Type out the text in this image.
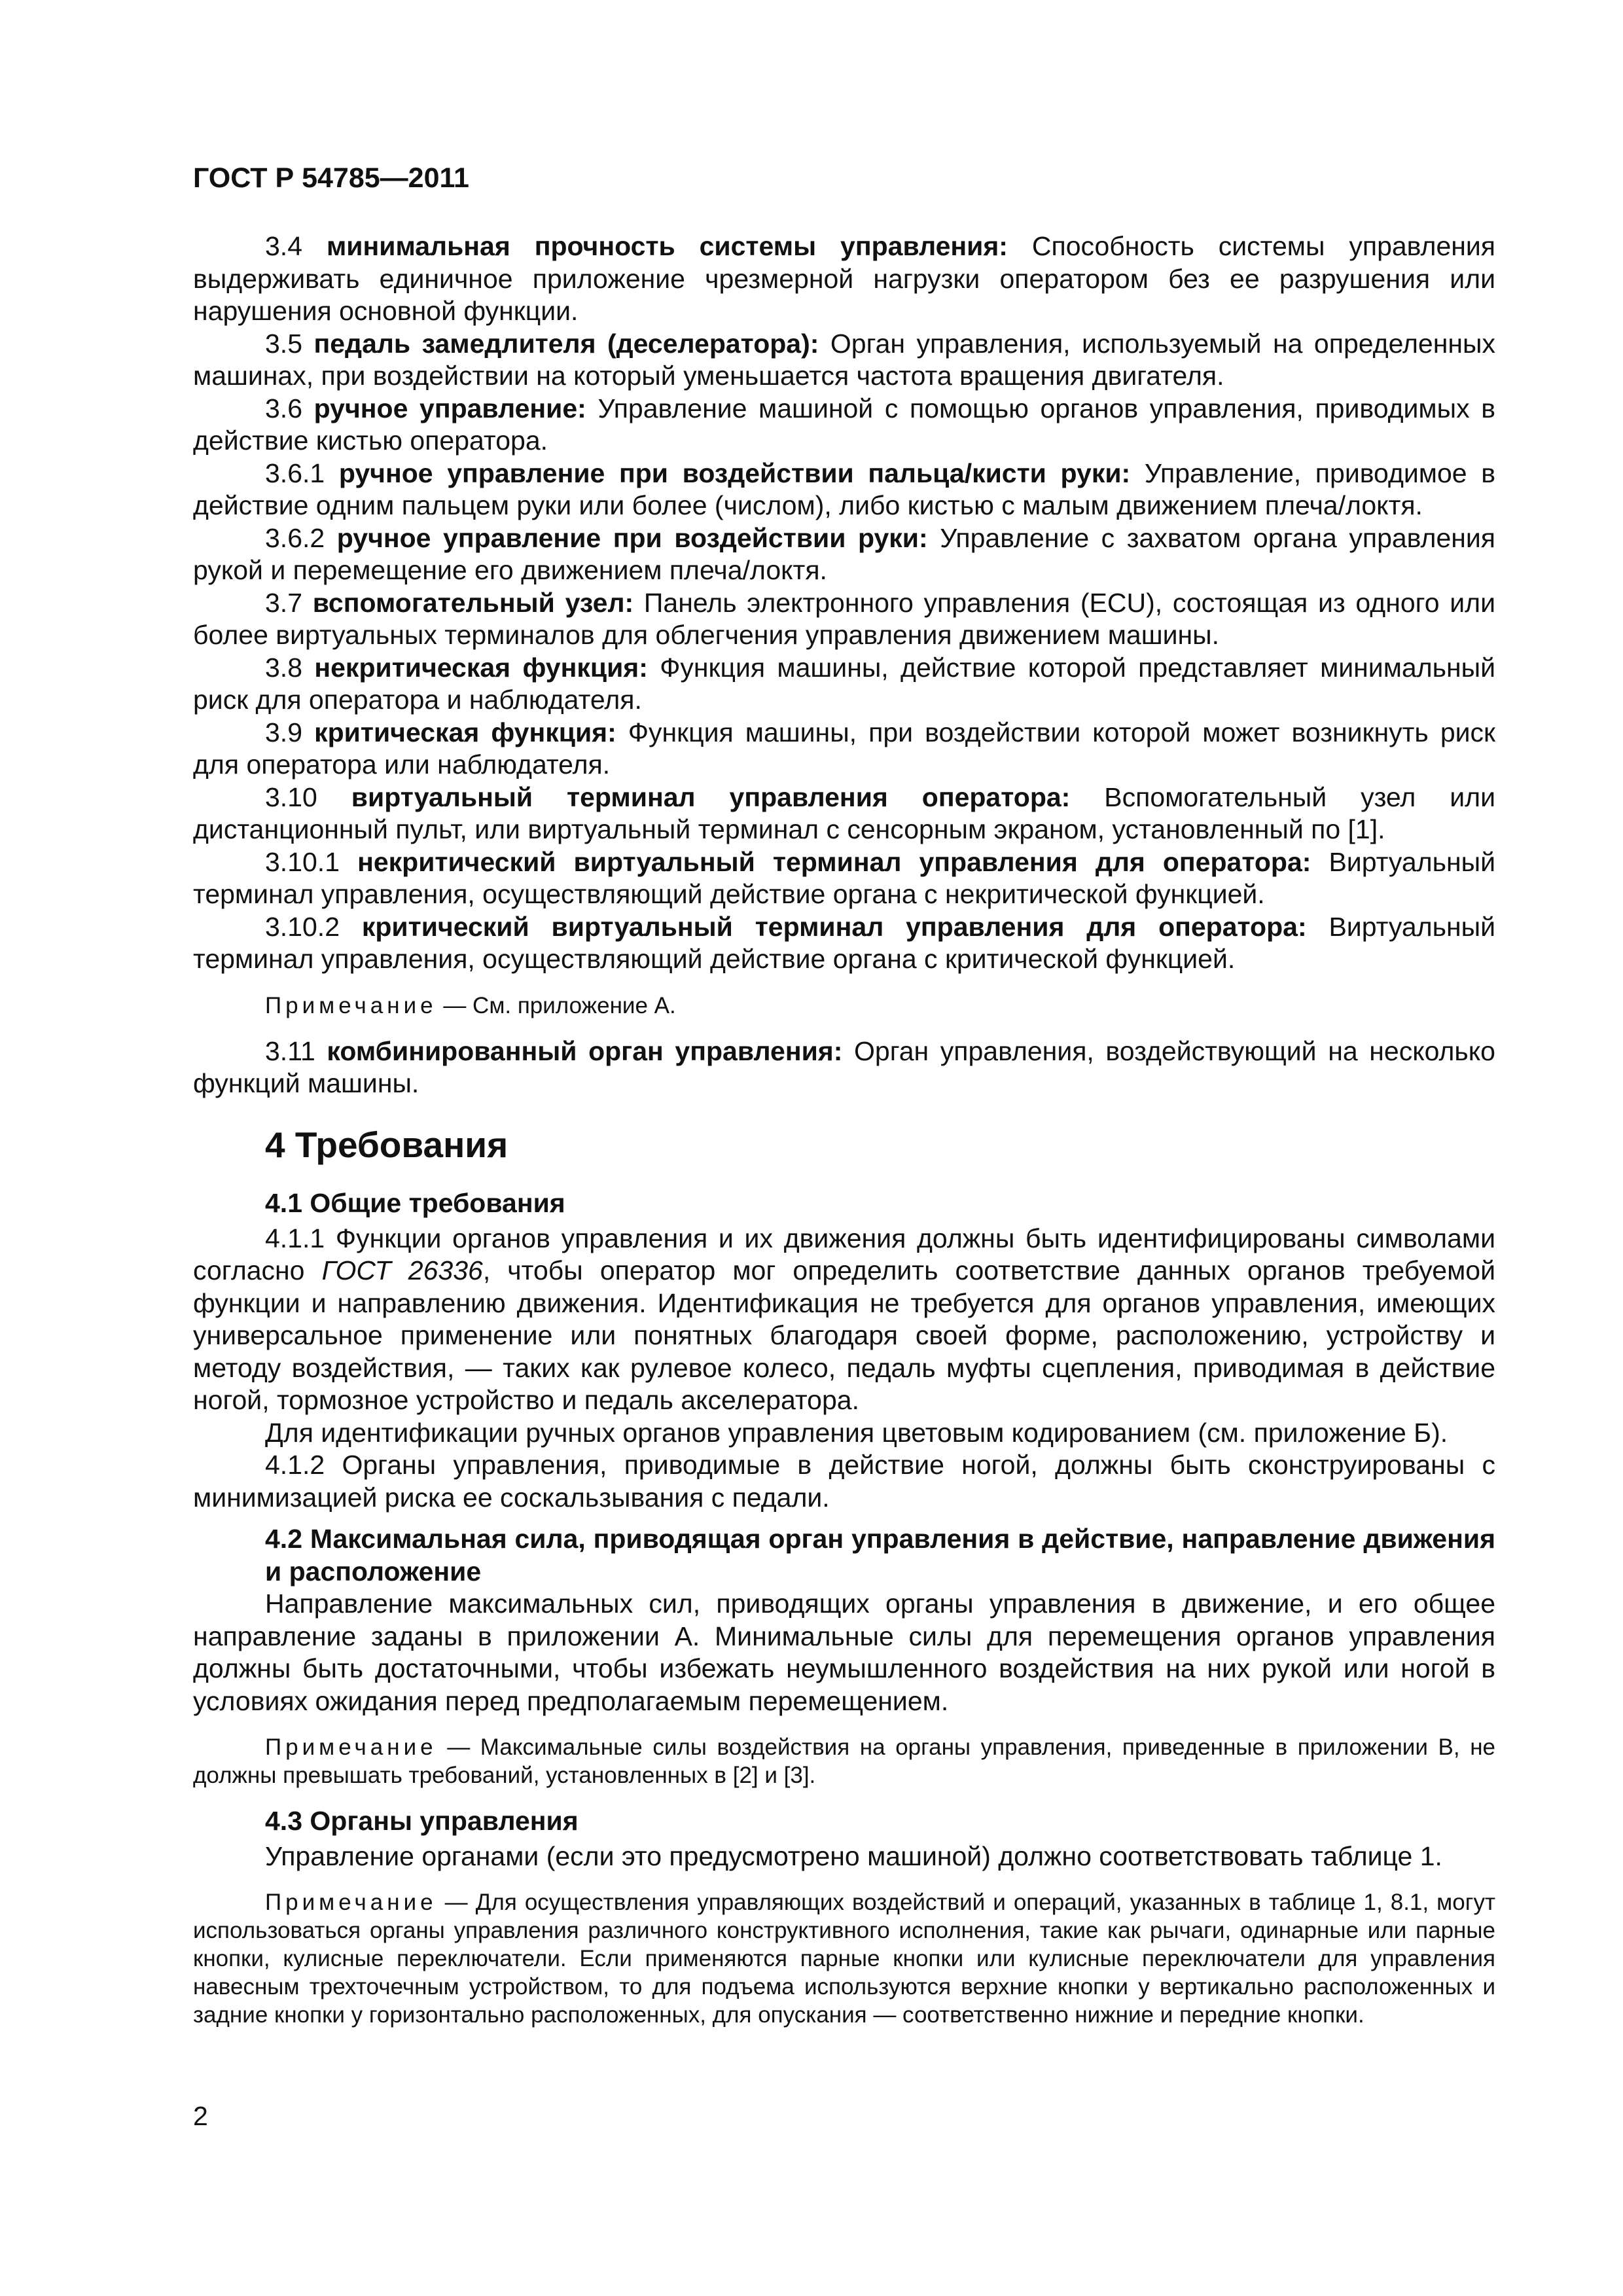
ГОСТ Р 54785—2011

3.4 минимальная прочность системы управления: Способность системы управления выдерживать единичное приложение чрезмерной нагрузки оператором без ее разрушения или нарушения основной функции.

3.5 педаль замедлителя (деселератора): Орган управления, используемый на определенных машинах, при воздействии на который уменьшается частота вращения двигателя.

3.6 ручное управление: Управление машиной с помощью органов управления, приводимых в действие кистью оператора.

3.6.1 ручное управление при воздействии пальца/кисти руки: Управление, приводимое в действие одним пальцем руки или более (числом), либо кистью с малым движением плеча/локтя.

3.6.2 ручное управление при воздействии руки: Управление с захватом органа управления рукой и перемещение его движением плеча/локтя.

3.7 вспомогательный узел: Панель электронного управления (ECU), состоящая из одного или более виртуальных терминалов для облегчения управления движением машины.

3.8 некритическая функция: Функция машины, действие которой представляет минимальный риск для оператора и наблюдателя.

3.9 критическая функция: Функция машины, при воздействии которой может возникнуть риск для оператора или наблюдателя.

3.10 виртуальный терминал управления оператора: Вспомогательный узел или дистанционный пульт, или виртуальный терминал с сенсорным экраном, установленный по [1].

3.10.1 некритический виртуальный терминал управления для оператора: Виртуальный терминал управления, осуществляющий действие органа с некритической функцией.

3.10.2 критический виртуальный терминал управления для оператора: Виртуальный терминал управления, осуществляющий действие органа с критической функцией.

Примечание — См. приложение А.

3.11 комбинированный орган управления: Орган управления, воздействующий на несколько функций машины.

4 Требования
4.1 Общие требования

4.1.1 Функции органов управления и их движения должны быть идентифицированы символами согласно ГОСТ 26336, чтобы оператор мог определить соответствие данных органов требуемой функции и направлению движения. Идентификация не требуется для органов управления, имеющих универсальное применение или понятных благодаря своей форме, расположению, устройству и методу воздействия, — таких как рулевое колесо, педаль муфты сцепления, приводимая в действие ногой, тормозное устройство и педаль акселератора.

Для идентификации ручных органов управления цветовым кодированием (см. приложение Б).

4.1.2 Органы управления, приводимые в действие ногой, должны быть сконструированы с минимизацией риска ее соскальзывания с педали.

4.2 Максимальная сила, приводящая орган управления в действие, направление движения и расположение

Направление максимальных сил, приводящих органы управления в движение, и его общее направление заданы в приложении А. Минимальные силы для перемещения органов управления должны быть достаточными, чтобы избежать неумышленного воздействия на них рукой или ногой в условиях ожидания перед предполагаемым перемещением.

Примечание — Максимальные силы воздействия на органы управления, приведенные в приложении В, не должны превышать требований, установленных в [2] и [3].

4.3 Органы управления

Управление органами (если это предусмотрено машиной) должно соответствовать таблице 1.

Примечание — Для осуществления управляющих воздействий и операций, указанных в таблице 1, 8.1, могут использоваться органы управления различного конструктивного исполнения, такие как рычаги, одинарные или парные кнопки, кулисные переключатели. Если применяются парные кнопки или кулисные переключатели для управления навесным трехточечным устройством, то для подъема используются верхние кнопки у вертикально расположенных и задние кнопки у горизонтально расположенных, для опускания — соответственно нижние и передние кнопки.

2
